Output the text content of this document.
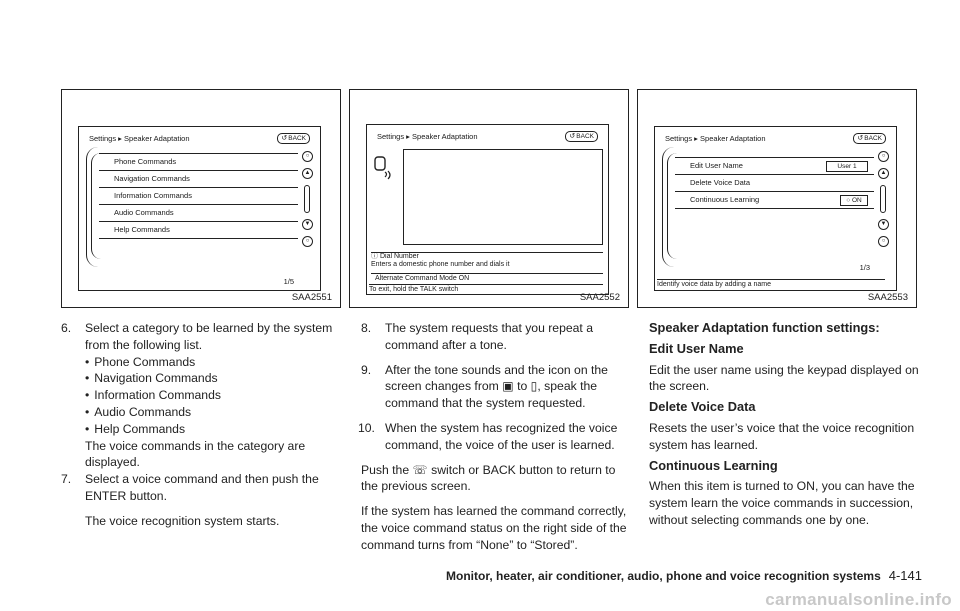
Settings ▸ Speaker Adaptation	↺ BACK
Phone Commands
Navigation Commands
Information Commands
Audio Commands
Help Commands
1/5
○
▲
▼
○
SAA2551
Settings ▸ Speaker Adaptation	↺ BACK
ⓘ Dial Number
Enters a domestic phone number and dials it
Alternate Command Mode ON
To exit, hold the TALK switch
SAA2552
Settings ▸ Speaker Adaptation	↺ BACK
Edit User Name	User 1
Delete Voice Data
Continuous Learning	○ ON
1/3
Identify voice data by adding a name
○
▲
▼
○
SAA2553

6. Select a category to be learned by the system from the following list.

• Phone Commands

• Navigation Commands

• Information Commands

• Audio Commands

• Help Commands

The voice commands in the category are displayed.

7. Select a voice command and then push the ENTER button.

The voice recognition system starts.

8. The system requests that you repeat a command after a tone.

9. After the tone sounds and the icon on the screen changes from ▣ to ▯, speak the command that the system requested.

10. When the system has recognized the voice command, the voice of the user is learned.

Push the ☏ switch or BACK button to return to the previous screen.

If the system has learned the command correctly, the voice command status on the right side of the command turns from “None” to “Stored”.

Speaker Adaptation function settings:

Edit User Name

Edit the user name using the keypad displayed on the screen.

Delete Voice Data

Resets the user’s voice that the voice recognition system has learned.

Continuous Learning

When this item is turned to ON, you can have the system learn the voice commands in succession, without selecting commands one by one.

Monitor, heater, air conditioner, audio, phone and voice recognition systems 4-141
carmanualsonline.info
